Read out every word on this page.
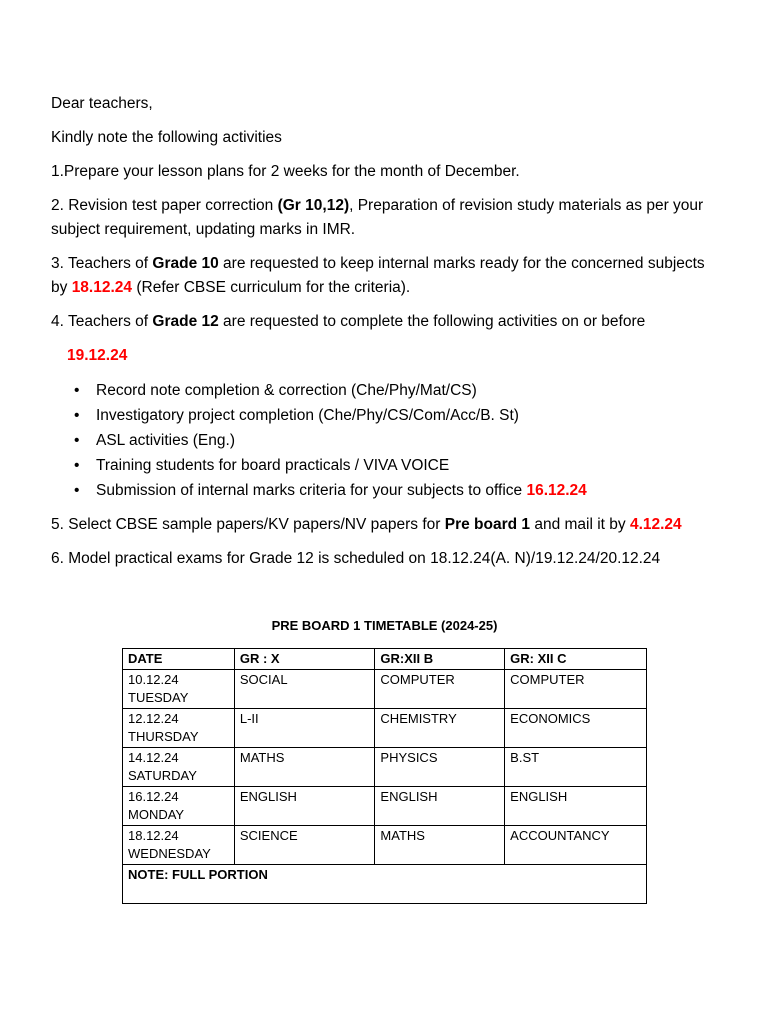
Dear teachers,

Kindly note the following activities

1.Prepare your lesson plans for 2 weeks for the month of December.

2. Revision test paper correction (Gr 10,12), Preparation of revision study materials as per your subject requirement, updating marks in IMR.

3. Teachers of Grade 10 are requested to keep internal marks ready for the concerned subjects by 18.12.24 (Refer CBSE curriculum for the criteria).

4. Teachers of Grade 12 are requested to complete the following activities on or before

19.12.24

• Record note completion & correction (Che/Phy/Mat/CS)
• Investigatory project completion (Che/Phy/CS/Com/Acc/B. St)
• ASL activities (Eng.)
• Training students for board practicals / VIVA VOICE
• Submission of internal marks criteria for your subjects to office 16.12.24

5. Select CBSE sample papers/KV papers/NV papers for Pre board 1 and mail it by 4.12.24

6. Model practical exams for Grade 12 is scheduled on 18.12.24(A. N)/19.12.24/20.12.24

PRE BOARD 1 TIMETABLE (2024-25)
DATE	GR : X	GR:XII B	GR: XII C
10.12.24
TUESDAY	SOCIAL	COMPUTER	COMPUTER
12.12.24
THURSDAY	L-II	CHEMISTRY	ECONOMICS
14.12.24
SATURDAY	MATHS	PHYSICS	B.ST
16.12.24
MONDAY	ENGLISH	ENGLISH	ENGLISH
18.12.24
WEDNESDAY	SCIENCE	MATHS	ACCOUNTANCY
NOTE: FULL PORTION			
